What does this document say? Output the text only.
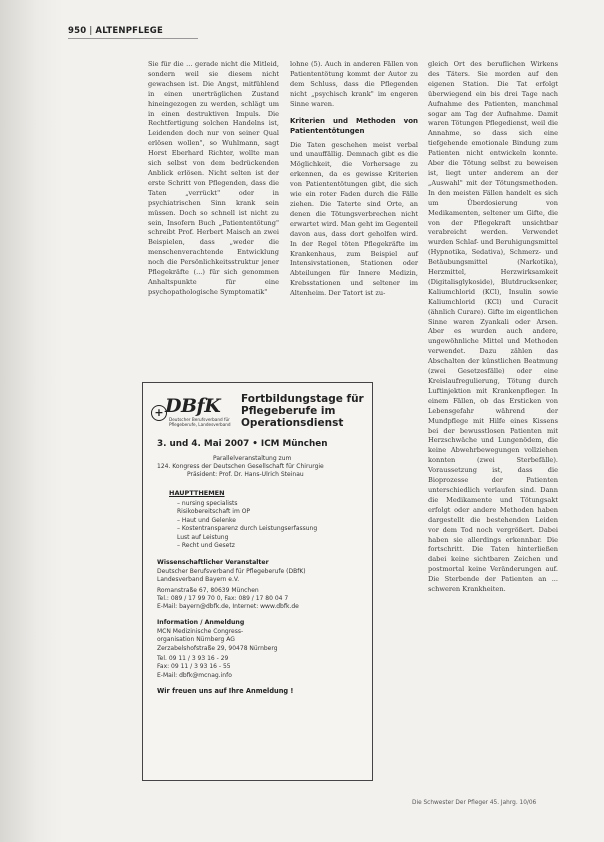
950 | ALTENPFLEGE

Sie für die ... gerade nicht die Mitleid, sondern weil sie diesem nicht gewachsen ist. Die Angst, mitfühlend in einen unerträglichen Zustand hineingezogen zu werden, schlägt um in einen destruktiven Impuls. Die Rechtfertigung solchen Handelns ist, Leidenden doch nur von seiner Qual erlösen wollen", so Wuhlmann, sagt Horst Eberhard Richter, wollte man sich selbst von dem bedrückenden Anblick erlösen. Nicht selten ist der erste Schritt von Pflegenden, dass die Taten „verrückt" oder in psychiatrischen Sinn krank sein müssen. Doch so schnell ist nicht zu sein, Insofern Buch „Patiententötung" schreibt Prof. Herbert Maisch an zwei Beispielen, dass „weder die menschenverachtende Entwicklung noch die Persönlichkeitsstruktur jener Pflegekräfte (...) für sich genommen Anhaltspunkte für eine psychopathologische Symptomatik"

lohne (5). Auch in anderen Fällen von Patiententötung kommt der Autor zu dem Schluss, dass die Pflegenden nicht „psychisch krank" im engeren Sinne waren.

Kriterien und Methoden von Patiententötungen

Die Taten geschehen meist verbal und unauffällig. Demnach gibt es die Möglichkeit, die Vorhersage zu erkennen, da es gewisse Kriterien von Patiententötungen gibt, die sich wie ein roter Faden durch die Fälle ziehen. Die Taterte sind Orte, an denen die Tötungsverbrechen nicht erwartet wird. Man geht im Gegenteil davon aus, dass dort geholfen wird. In der Regel töten Pflegekräfte im Krankenhaus, zum Beispiel auf Intensivstationen, Stationen oder Abteilungen für Innere Medizin, Krebsstationen und seltener im Altenheim. Der Tatort ist zu-

gleich Ort des beruflichen Wirkens des Täters. Sie morden auf den eigenen Station. Die Tat erfolgt überwiegend ein bis drei Tage nach Aufnahme des Patienten, manchmal sogar am Tag der Aufnahme. Damit waren Tötungen Pflegedienst, weil die Annahme, so dass sich eine tiefgehende emotionale Bindung zum Patienten nicht entwickeln konnte. Aber die Tötung selbst zu beweisen ist, liegt unter anderem an der „Auswahl" mit der Tötungsmethoden. In den meisten Fällen handelt es sich um Überdosierung von Medikamenten, seltener um Gifte, die von der Pflegekraft unsichtbar verabreicht werden. Verwendet wurden Schlaf- und Beruhigungsmittel (Hypnotika, Sedativa), Schmerz- und Betäubungsmittel (Narkotika), Herzmittel, Herzwirksamkeit (Digitalisglykoside), Blutdrucksenker, Kaliumchlorid (KCl), Insulin sowie Kaliumchlorid (KCl) und Curacit (ähnlich Curare). Gifte im eigentlichen Sinne waren Zyankali oder Arsen. Aber es wurden auch andere, ungewöhnliche Mittel und Methoden verwendet. Dazu zählen das Abschalten der künstlichen Beatmung (zwei Gesetzesfälle) oder eine Kreislaufregulierung, Tötung durch Luftinjektion mit Krankenpfleger. In einem Fällen, ob das Ersticken von Lebensgefahr während der Mundpflege mit Hilfe eines Kissens bei der bewusstlosen Patienten mit Herzschwäche und Lungenödem, die keine Abwehrbewegungen vollziehen konnten (zwei Sterbefälle). Voraussetzung ist, dass die Bioprozesse der Patienten unterschiedlich verlaufen sind. Dann die Medikamente und Tötungsakt erfolgt oder andere Methoden haben dargestellt die bestehenden Leiden vor dem Tod noch vergrößert. Dabei haben sie allerdings erkennbar. Die fortschritt. Die Taten hinterließen dabei keine sichtbaren Zeichen und postmortal keine Veränderungen auf. Die Sterbende der Patienten an ... schweren Krankheiten.

+ DBfK
Deutscher Berufsverband für Pflegeberufe, Landesverband
Fortbildungstage für
Pflegeberufe im
Operationsdienst
3. und 4. Mai 2007 • ICM München
Parallelveranstaltung zum
124. Kongress der Deutschen Gesellschaft für Chirurgie
Präsident: Prof. Dr. Hans-Ulrich Steinau
HAUPTTHEMEN
– nursing specialists
Risikobereitschaft im OP
– Haut und Gelenke
– Kostentransparenz durch Leistungserfassung
Lust auf Leistung
– Recht und Gesetz
Wissenschaftlicher Veranstalter
Deutscher Berufsverband für Pflegeberufe (DBfK)
Landesverband Bayern e.V.
Romanstraße 67, 80639 München
Tel.: 089 / 17 99 70 0, Fax: 089 / 17 80 04 7
E-Mail: bayern@dbfk.de, Internet: www.dbfk.de
Information / Anmeldung
MCN Medizinische Congress-
organisation Nürnberg AG
Zerzabelshofstraße 29, 90478 Nürnberg
Tel. 09 11 / 3 93 16 - 29
Fax: 09 11 / 3 93 16 - 55
E-Mail: dbfk@mcnag.info
Wir freuen uns auf Ihre Anmeldung !
Die Schwester Der Pfleger 45. Jahrg. 10/06
